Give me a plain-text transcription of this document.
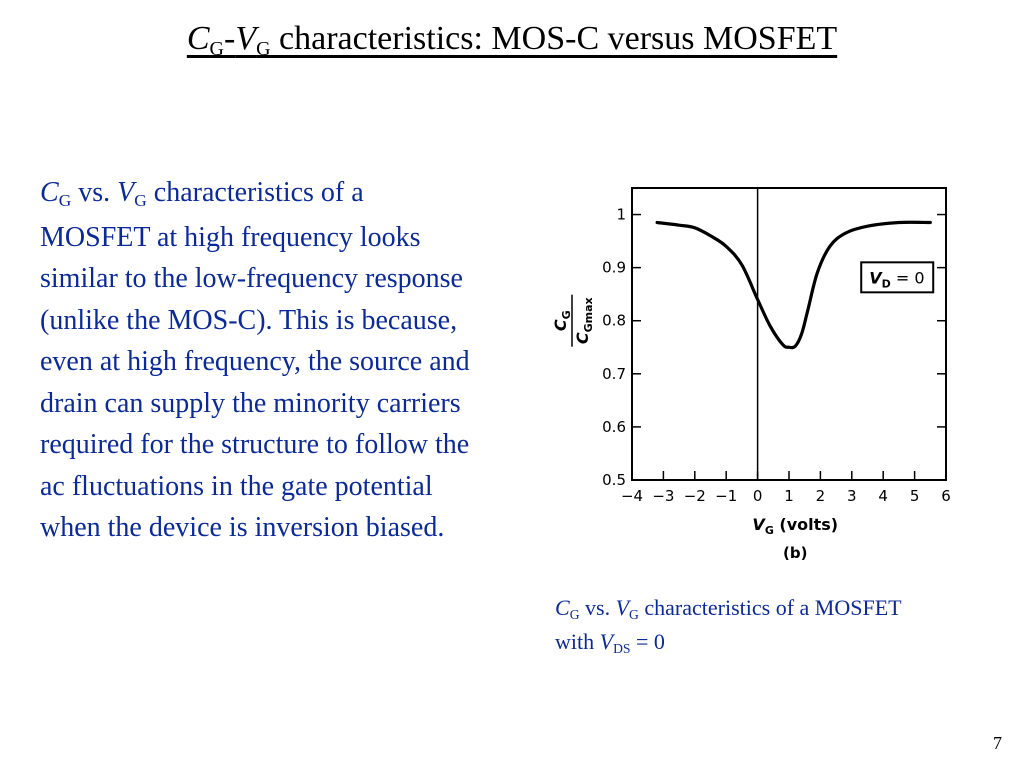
$C_G-V_G$ characteristics: MOS-C versus MOSFET
$C_G$ vs. $V_G$ characteristics of a MOSFET at high frequency looks similar to the low-frequency response (unlike the MOS-C). This is because, even at high frequency, the source and drain can supply the minority carriers required for the structure to follow the ac fluctuations in the gate potential when the device is inversion biased.
0.5
0.6
0.7
0.8
0.9
1
−4 −3 −2 −1 0 1 2 3 4 5 6
$V_D = 0$
$C_G$
$C_{Gmax}$
$V_G$ (volts)
(b)
$C_G$ vs. $V_G$ characteristics of a MOSFET with $V_{DS} = 0$
7
